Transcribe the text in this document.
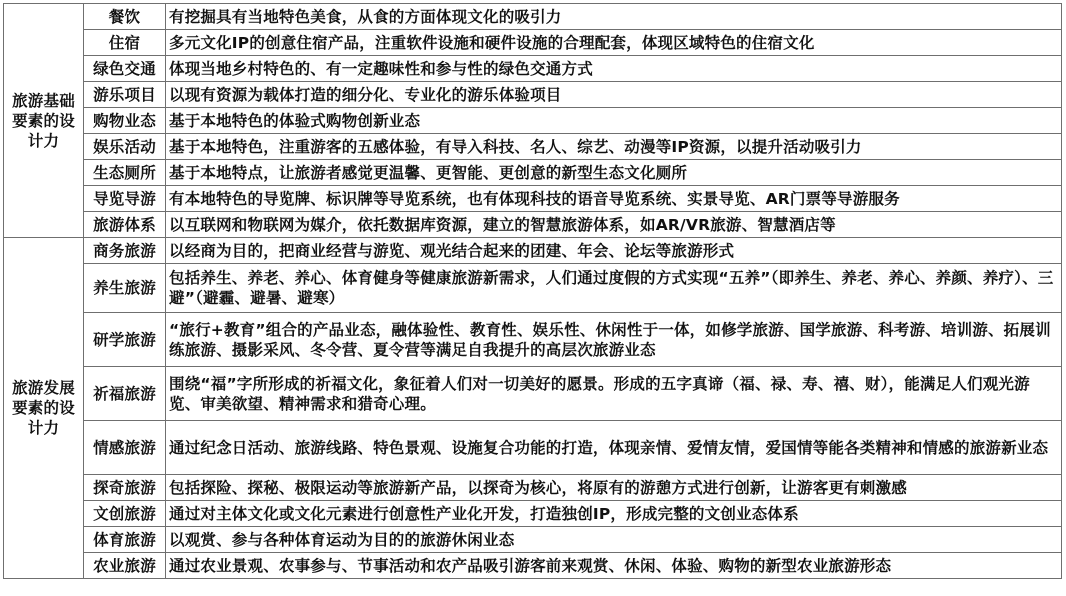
旅游基础要素的设计力	餐饮	有挖掘具有当地特色美食，从食的方面体现文化的吸引力
	住宿	多元文化IP的创意住宿产品，注重软件设施和硬件设施的合理配套，体现区域特色的住宿文化
	绿色交通	体现当地乡村特色的、有一定趣味性和参与性的绿色交通方式
	游乐项目	以现有资源为载体打造的细分化、专业化的游乐体验项目
	购物业态	基于本地特色的体验式购物创新业态
	娱乐活动	基于本地特色，注重游客的五感体验，有导入科技、名人、综艺、动漫等IP资源，以提升活动吸引力
	生态厕所	基于本地特点，让旅游者感觉更温馨、更智能、更创意的新型生态文化厕所
	导览导游	有本地特色的导览牌、标识牌等导览系统，也有体现科技的语音导览系统、实景导览、AR门票等导游服务
	旅游体系	以互联网和物联网为媒介，依托数据库资源，建立的智慧旅游体系，如AR/VR旅游、智慧酒店等

旅游发展要素的设计力	商务旅游	以经商为目的，把商业经营与游览、观光结合起来的团建、年会、论坛等旅游形式
	养生旅游	包括养生、养老、养心、体育健身等健康旅游新需求，人们通过度假的方式实现“五养”（即养生、养老、养心、养颜、养疗）、三避”（避霾、避暑、避寒）
	研学旅游	“旅行+教育”组合的产品业态，融体验性、教育性、娱乐性、休闲性于一体，如修学旅游、国学旅游、科考游、培训游、拓展训练旅游、摄影采风、冬令营、夏令营等满足自我提升的高层次旅游业态
	祈福旅游	围绕“福”字所形成的祈福文化，象征着人们对一切美好的愿景。形成的五字真谛（福、禄、寿、禧、财），能满足人们观光游览、审美欲望、精神需求和猎奇心理。
	情感旅游	通过纪念日活动、旅游线路、特色景观、设施复合功能的打造，体现亲情、爱情友情，爱国情等能各类精神和情感的旅游新业态
	探奇旅游	包括探险、探秘、极限运动等旅游新产品，以探奇为核心，将原有的游憩方式进行创新，让游客更有刺激感
	文创旅游	通过对主体文化或文化元素进行创意性产业化开发，打造独创IP，形成完整的文创业态体系
	体育旅游	以观赏、参与各种体育运动为目的的旅游休闲业态
	农业旅游	通过农业景观、农事参与、节事活动和农产品吸引游客前来观赏、休闲、体验、购物的新型农业旅游形态
